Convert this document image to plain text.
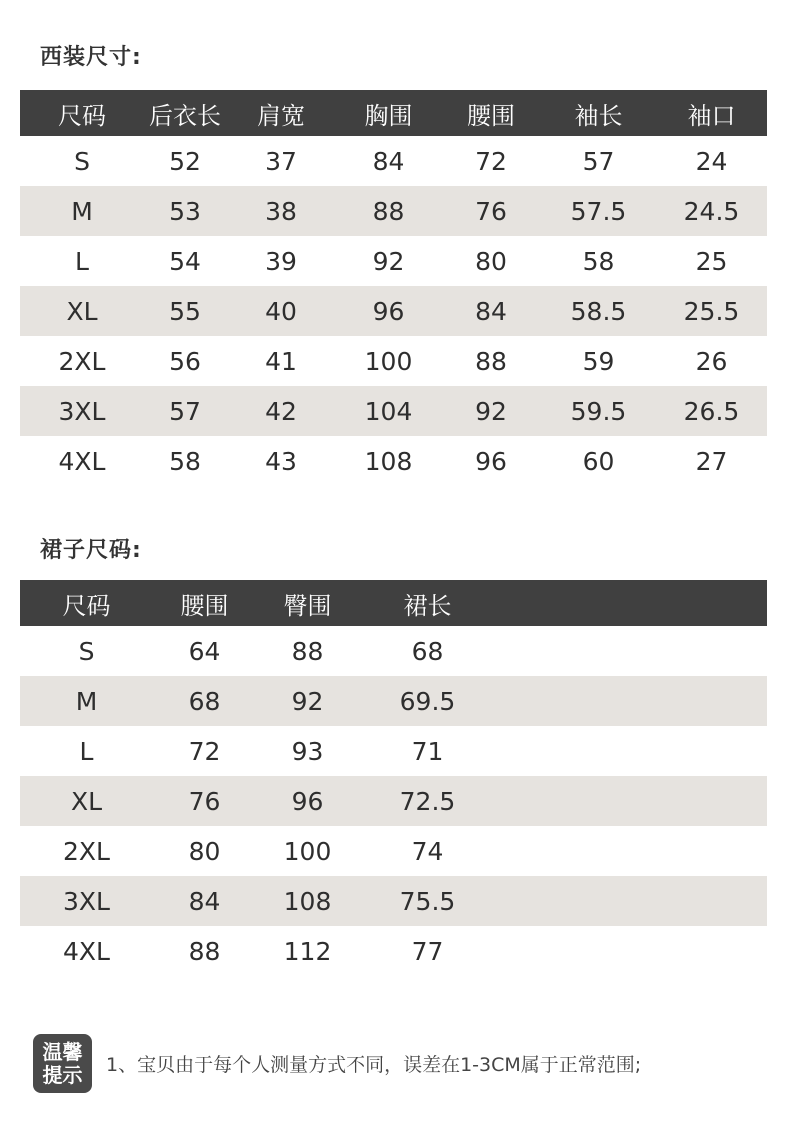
西装尺寸:
尺码	后衣长	肩宽	胸围	腰围	袖长	袖口
S	52	37	84	72	57	24
M	53	38	88	76	57.5	24.5
L	54	39	92	80	58	25
XL	55	40	96	84	58.5	25.5
2XL	56	41	100	88	59	26
3XL	57	42	104	92	59.5	26.5
4XL	58	43	108	96	60	27
裙子尺码:
尺码	腰围	臀围	裙长	
S	64	88	68	
M	68	92	69.5	
L	72	93	71	
XL	76	96	72.5	
2XL	80	100	74	
3XL	84	108	75.5	
4XL	88	112	77	
温馨
提示 1、宝贝由于每个人测量方式不同，误差在1-3CM属于正常范围;
